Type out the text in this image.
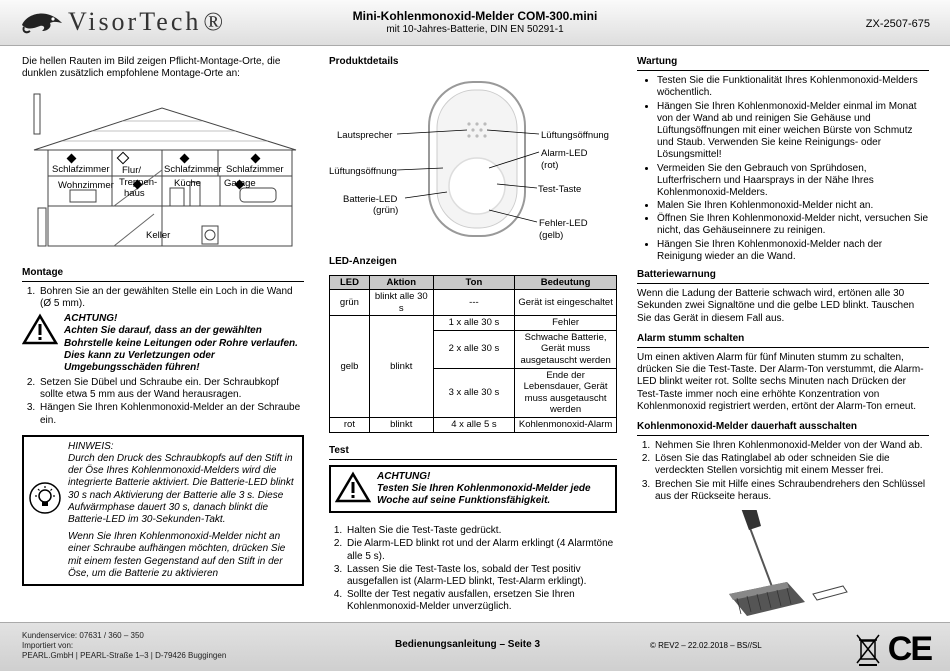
VisorTech ®	Mini-Kohlenmonoxid-Melder COM-300.mini
mit 10-Jahres-Batterie, DIN EN 50291-1	ZX-2507-675

Die hellen Rauten im Bild zeigen Pflicht-Montage-Orte, die dunklen zusätzlich empfohlene Montage-Orte an:

Schlafzimmer Flur/
Treppen-
haus
Schlafzimmer Schlafzimmer
Wohnzimmer	Küche Garage
Keller
Montage
1. Bohren Sie an der gewählten Stelle ein Loch in die Wand (Ø 5 mm).
ACHTUNG!
Achten Sie darauf, dass an der gewählten Bohrstelle keine Leitungen oder Rohre verlaufen. Dies kann zu Verletzungen oder Umgebungsschäden führen!
2. Setzen Sie Dübel und Schraube ein. Der Schraubkopf sollte etwa 5 mm aus der Wand herausragen.
3. Hängen Sie Ihren Kohlenmonoxid-Melder an der Schraube ein.

HINWEIS:

Durch den Druck des Schraubkopfs auf den Stift in der Öse Ihres Kohlenmonoxid-Melders wird die integrierte Batterie aktiviert. Die Batterie-LED blinkt 30 s nach Aktivierung der Batterie alle 3 s. Diese Aufwärmphase dauert 30 s, danach blinkt die Batterie-LED im 30-Sekunden-Takt.

Wenn Sie Ihren Kohlenmonoxid-Melder nicht an einer Schraube aufhängen möchten, drücken Sie mit einem festen Gegenstand auf den Stift in der Öse, um die Batterie zu aktivieren

Produktdetails
Lautsprecher
Lüftungsöffnung
Batterie-LED
(grün)
Lüftungsöffnung
Alarm-LED
(rot)
Test-Taste
Fehler-LED
(gelb)
LED-Anzeigen
LED	Aktion	Ton	Bedeutung
grün	blinkt alle 30 s	---	Gerät ist eingeschaltet
gelb	blinkt	1 x alle 30 s	Fehler
		2 x alle 30 s	Schwache Batterie, Gerät muss ausgetauscht werden
		3 x alle 30 s	Ende der Lebensdauer, Gerät muss ausgetauscht werden
rot	blinkt	4 x alle 5 s	Kohlenmonoxid-Alarm
Test
ACHTUNG!
Testen Sie Ihren Kohlenmonoxid-Melder jede Woche auf seine Funktionsfähigkeit.
1. Halten Sie die Test-Taste gedrückt.
2. Die Alarm-LED blinkt rot und der Alarm erklingt (4 Alarmtöne alle 5 s).
3. Lassen Sie die Test-Taste los, sobald der Test positiv ausgefallen ist (Alarm-LED blinkt, Test-Alarm erklingt).
4. Sollte der Test negativ ausfallen, ersetzen Sie Ihren Kohlenmonoxid-Melder unverzüglich.
Wartung
• Testen Sie die Funktionalität Ihres Kohlenmonoxid-Melders wöchentlich.
• Hängen Sie Ihren Kohlenmonoxid-Melder einmal im Monat von der Wand ab und reinigen Sie Gehäuse und Lüftungsöffnungen mit einer weichen Bürste von Schmutz und Staub. Verwenden Sie keine Reinigungs- oder Lösungsmittel!
• Vermeiden Sie den Gebrauch von Sprühdosen, Lufterfrischern und Haarsprays in der Nähe Ihres Kohlenmonoxid-Melders.
• Malen Sie Ihren Kohlenmonoxid-Melder nicht an.
• Öffnen Sie Ihren Kohlenmonoxid-Melder nicht, versuchen Sie nicht, das Gehäuseinnere zu reinigen.
• Hängen Sie Ihren Kohlenmonoxid-Melder nach der Reinigung wieder an die Wand.
Batteriewarnung

Wenn die Ladung der Batterie schwach wird, ertönen alle 30 Sekunden zwei Signaltöne und die gelbe LED blinkt. Tauschen Sie das Gerät in diesem Fall aus.

Alarm stumm schalten

Um einen aktiven Alarm für fünf Minuten stumm zu schalten, drücken Sie die Test-Taste. Der Alarm-Ton verstummt, die Alarm-LED blinkt weiter rot. Sollte sechs Minuten nach Drücken der Test-Taste immer noch eine erhöhte Konzentration von Kohlenmonoxid registriert werden, ertönt der Alarm-Ton erneut.

Kohlenmonoxid-Melder dauerhaft ausschalten
1. Nehmen Sie Ihren Kohlenmonoxid-Melder von der Wand ab.
2. Lösen Sie das Ratinglabel ab oder schneiden Sie die verdeckten Stellen vorsichtig mit einem Messer frei.
3. Brechen Sie mit Hilfe eines Schraubendrehers den Schlüssel aus der Rückseite heraus.
Kundenservice: 07631 / 360 – 350
Importiert von:
PEARL.GmbH | PEARL-Straße 1–3 | D-79426 Buggingen
Bedienungsanleitung – Seite 3	© REV2 – 22.02.2018 – BS//SL	CE
